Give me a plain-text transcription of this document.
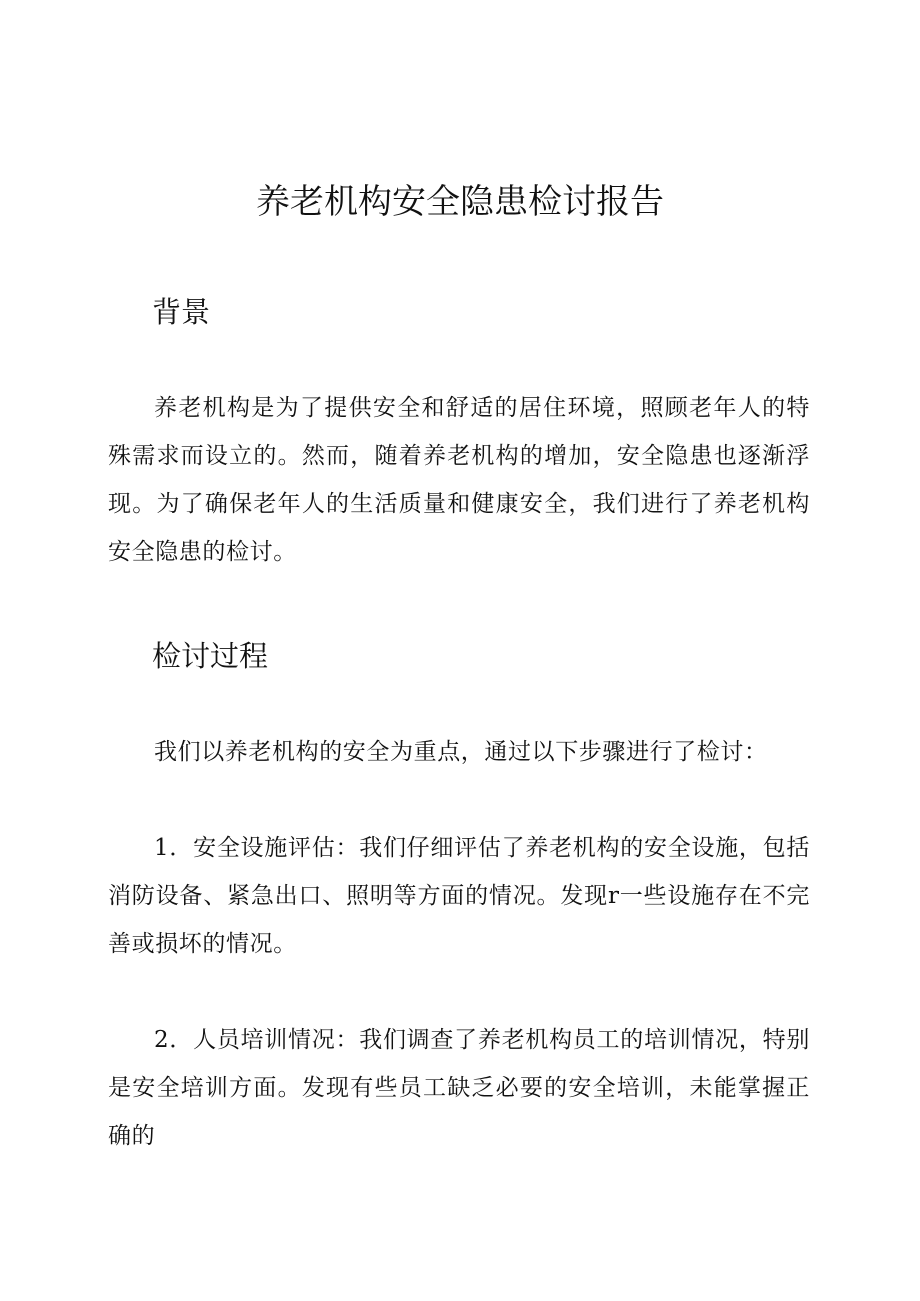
养老机构安全隐患检讨报告
背景

养老机构是为了提供安全和舒适的居住环境，照顾老年人的特殊需求而设立的。然而，随着养老机构的增加，安全隐患也逐渐浮现。为了确保老年人的生活质量和健康安全，我们进行了养老机构安全隐患的检讨。

检讨过程

我们以养老机构的安全为重点，通过以下步骤进行了检讨：

1．安全设施评估：我们仔细评估了养老机构的安全设施，包括消防设备、紧急出口、照明等方面的情况。发现r一些设施存在不完善或损坏的情况。

2．人员培训情况：我们调查了养老机构员工的培训情况，特别是安全培训方面。发现有些员工缺乏必要的安全培训，未能掌握正确的
